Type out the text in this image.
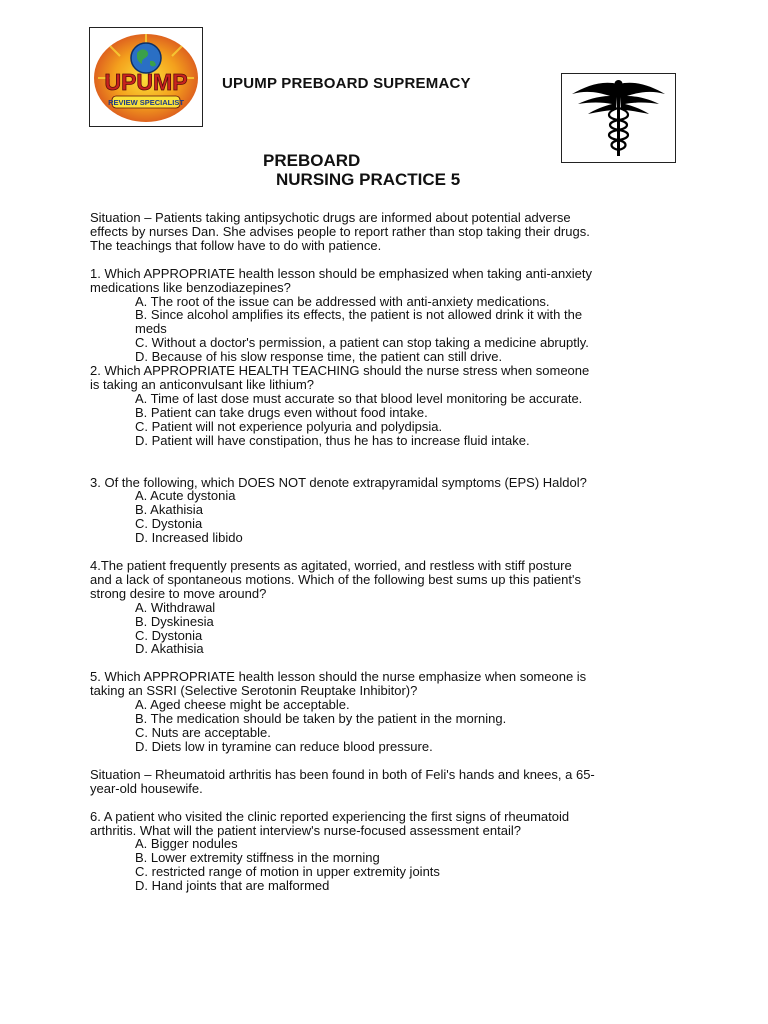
UPUMP
REVIEW SPECIALIST
UPUMP PREBOARD SUPREMACY
PREBOARD
NURSING PRACTICE 5

Situation – Patients taking antipsychotic drugs are informed about potential adverse

effects by nurses Dan. She advises people to report rather than stop taking their drugs.

The teachings that follow have to do with patience.

1. Which APPROPRIATE health lesson should be emphasized when taking anti-anxiety

medications like benzodiazepines?

A. The root of the issue can be addressed with anti-anxiety medications.

B. Since alcohol amplifies its effects, the patient is not allowed drink it with the

meds

C. Without a doctor's permission, a patient can stop taking a medicine abruptly.

D. Because of his slow response time, the patient can still drive.

2. Which APPROPRIATE HEALTH TEACHING should the nurse stress when someone

is taking an anticonvulsant like lithium?

A. Time of last dose must accurate so that blood level monitoring be accurate.

B. Patient can take drugs even without food intake.

C. Patient will not experience polyuria and polydipsia.

D. Patient will have constipation, thus he has to increase fluid intake.

3. Of the following, which DOES NOT denote extrapyramidal symptoms (EPS) Haldol?

A. Acute dystonia

B. Akathisia

C. Dystonia

D. Increased libido

4.The patient frequently presents as agitated, worried, and restless with stiff posture

and a lack of spontaneous motions. Which of the following best sums up this patient's

strong desire to move around?

A. Withdrawal

B. Dyskinesia

C. Dystonia

D. Akathisia

5. Which APPROPRIATE health lesson should the nurse emphasize when someone is

taking an SSRI (Selective Serotonin Reuptake Inhibitor)?

A. Aged cheese might be acceptable.

B. The medication should be taken by the patient in the morning.

C. Nuts are acceptable.

D. Diets low in tyramine can reduce blood pressure.

Situation – Rheumatoid arthritis has been found in both of Feli's hands and knees, a 65-

year-old housewife.

6. A patient who visited the clinic reported experiencing the first signs of rheumatoid

arthritis. What will the patient interview's nurse-focused assessment entail?

A. Bigger nodules

B. Lower extremity stiffness in the morning

C. restricted range of motion in upper extremity joints

D. Hand joints that are malformed
